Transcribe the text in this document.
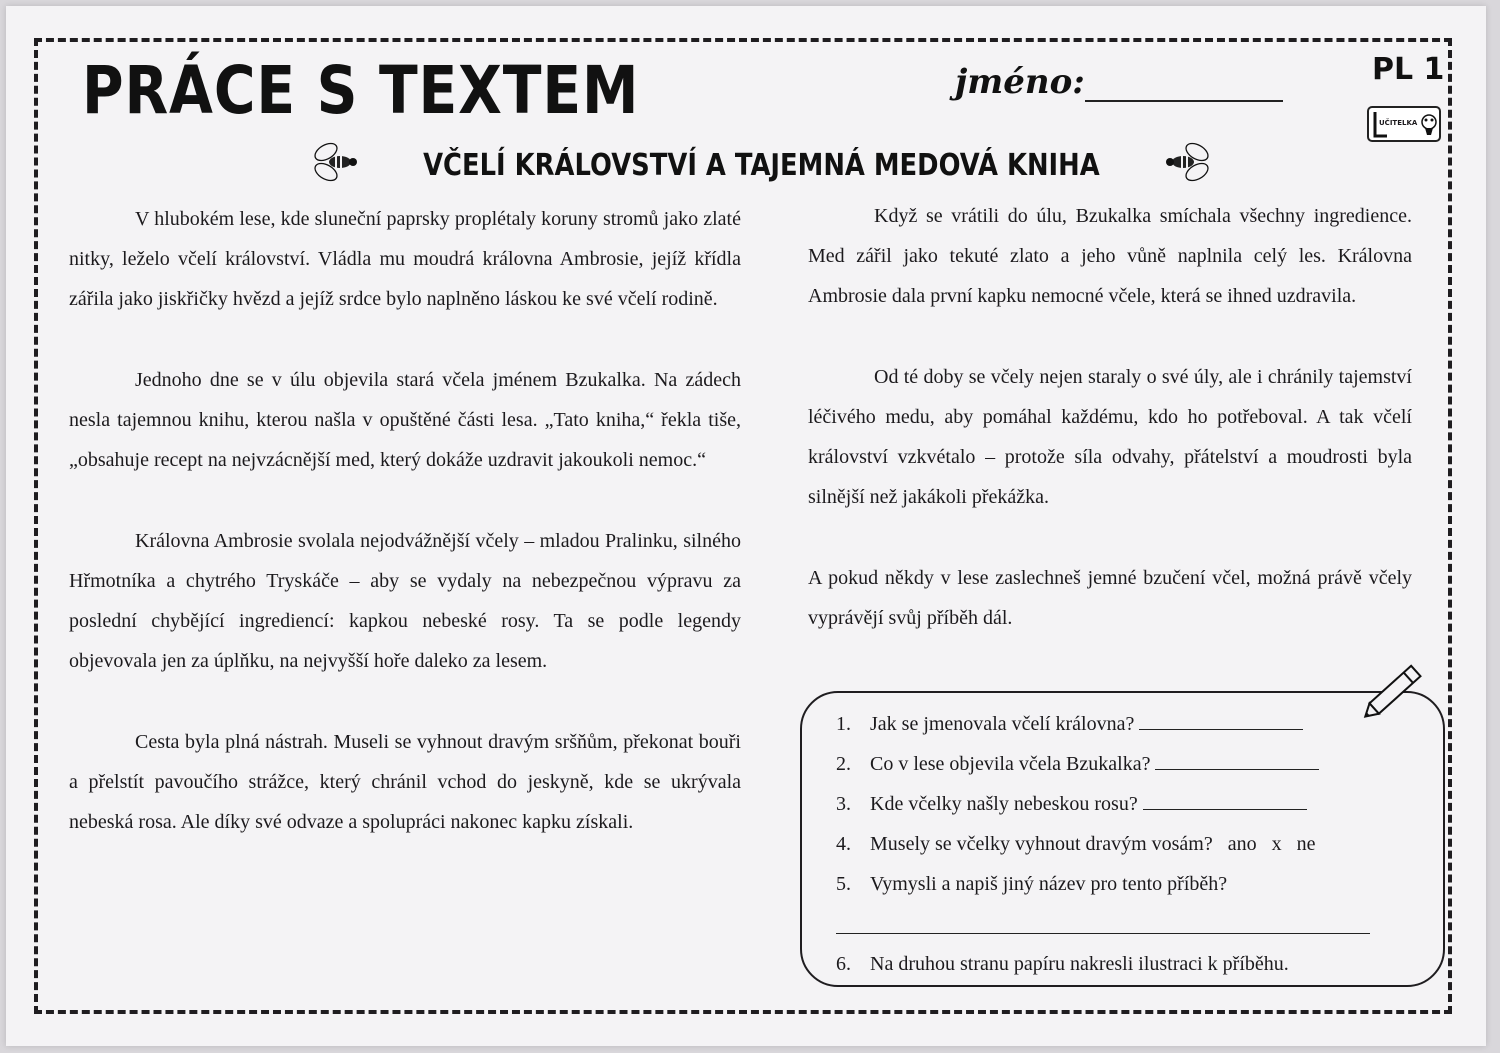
PRÁCE S TEXTEM	jméno:	PL 1
UČITELKA
VČELÍ KRÁLOVSTVÍ A TAJEMNÁ MEDOVÁ KNIHA

V hlubokém lese, kde sluneční paprsky proplétaly koruny stromů jako zlaté nitky, leželo včelí království. Vládla mu moudrá královna Ambrosie, jejíž křídla zářila jako jiskřičky hvězd a jejíž srdce bylo naplněno láskou ke své včelí rodině.

Jednoho dne se v úlu objevila stará včela jménem Bzukalka. Na zádech nesla tajemnou knihu, kterou našla v opuštěné části lesa. „Tato kniha,“ řekla tiše, „obsahuje recept na nejvzácnější med, který dokáže uzdravit jakoukoli nemoc.“

Královna Ambrosie svolala nejodvážnější včely – mladou Pralinku, silného Hřmotníka a chytrého Tryskáče – aby se vydaly na nebezpečnou výpravu za poslední chybějící ingrediencí: kapkou nebeské rosy. Ta se podle legendy objevovala jen za úplňku, na nejvyšší hoře daleko za lesem.

Cesta byla plná nástrah. Museli se vyhnout dravým sršňům, překonat bouři a přelstít pavoučího strážce, který chránil vchod do jeskyně, kde se ukrývala nebeská rosa. Ale díky své odvaze a spolupráci nakonec kapku získali.

Když se vrátili do úlu, Bzukalka smíchala všechny ingredience. Med zářil jako tekuté zlato a jeho vůně naplnila celý les. Královna Ambrosie dala první kapku nemocné včele, která se ihned uzdravila.

Od té doby se včely nejen staraly o své úly, ale i chránily tajemství léčivého medu, aby pomáhal každému, kdo ho potřeboval. A tak včelí království vzkvétalo – protože síla odvahy, přátelství a moudrosti byla silnější než jakákoli překážka.

A pokud někdy v lese zaslechneš jemné bzučení včel, možná právě včely vyprávějí svůj příběh dál.

1. Jak se jmenovala včelí královna?
2. Co v lese objevila včela Bzukalka?
3. Kde včelky našly nebeskou rosu?
4. Musely se včelky vyhnout dravým vosám? ano x ne
5. Vymysli a napiš jiný název pro tento příběh?
6. Na druhou stranu papíru nakresli ilustraci k příběhu.
